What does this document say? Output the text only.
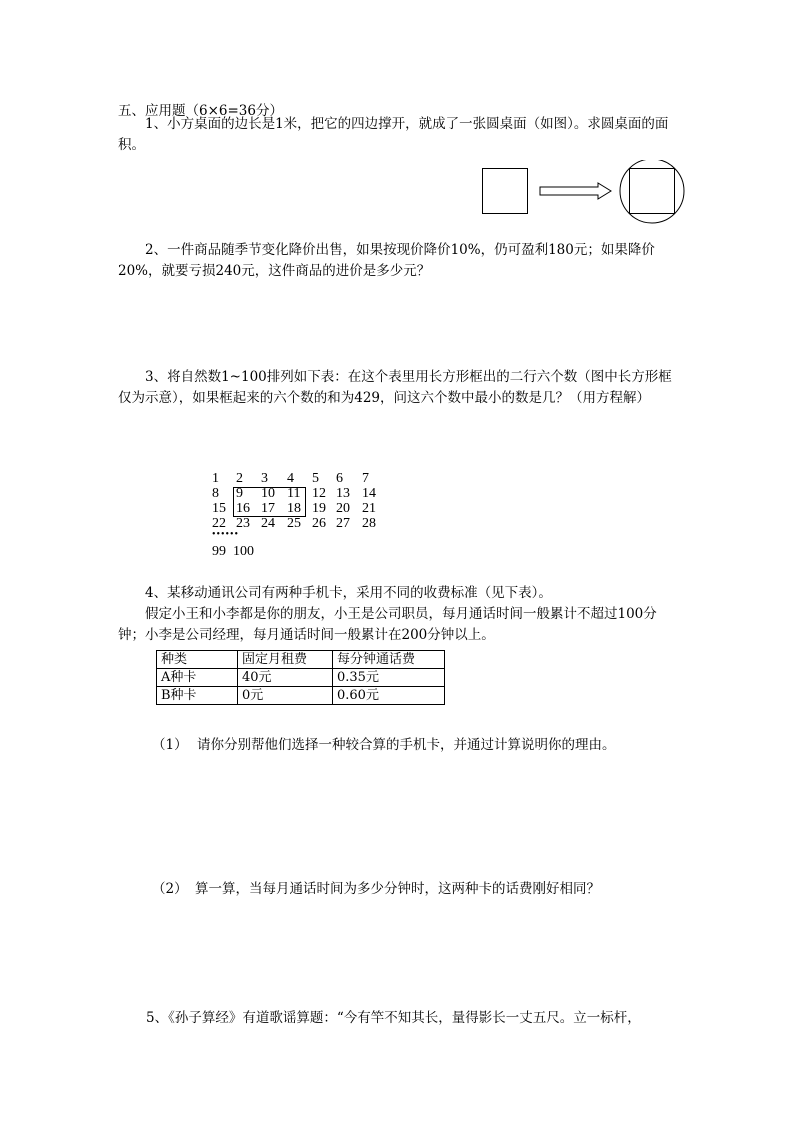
五、应用题（6×6=36分）
1、小方桌面的边长是1米，把它的四边撑开，就成了一张圆桌面（如图）。求圆桌面的面积。
2、一件商品随季节变化降价出售，如果按现价降价10%，仍可盈利180元；如果降价20%，就要亏损240元，这件商品的进价是多少元？
3、将自然数1~100排列如下表：在这个表里用长方形框出的二行六个数（图中长方形框仅为示意），如果框起来的六个数的和为429，问这六个数中最小的数是几？（用方程解）
1 2 3 4 5 6 7
8 9 10 11 12 13 14
15 16 17 18 19 20 21
22 23 24 25 26 27 28
••••••
99  100
4、某移动通讯公司有两种手机卡，采用不同的收费标准（见下表）。
假定小王和小李都是你的朋友，小王是公司职员，每月通话时间一般累计不超过100分钟；小李是公司经理，每月通话时间一般累计在200分钟以上。
种类	固定月租费	每分钟通话费
A种卡	40元	0.35元
B种卡	0元	0.60元
（1） 请你分别帮他们选择一种较合算的手机卡，并通过计算说明你的理由。
（2） 算一算，当每月通话时间为多少分钟时，这两种卡的话费刚好相同？
5、《孙子算经》有道歌谣算题：“今有竿不知其长，量得影长一丈五尺。立一标杆，
